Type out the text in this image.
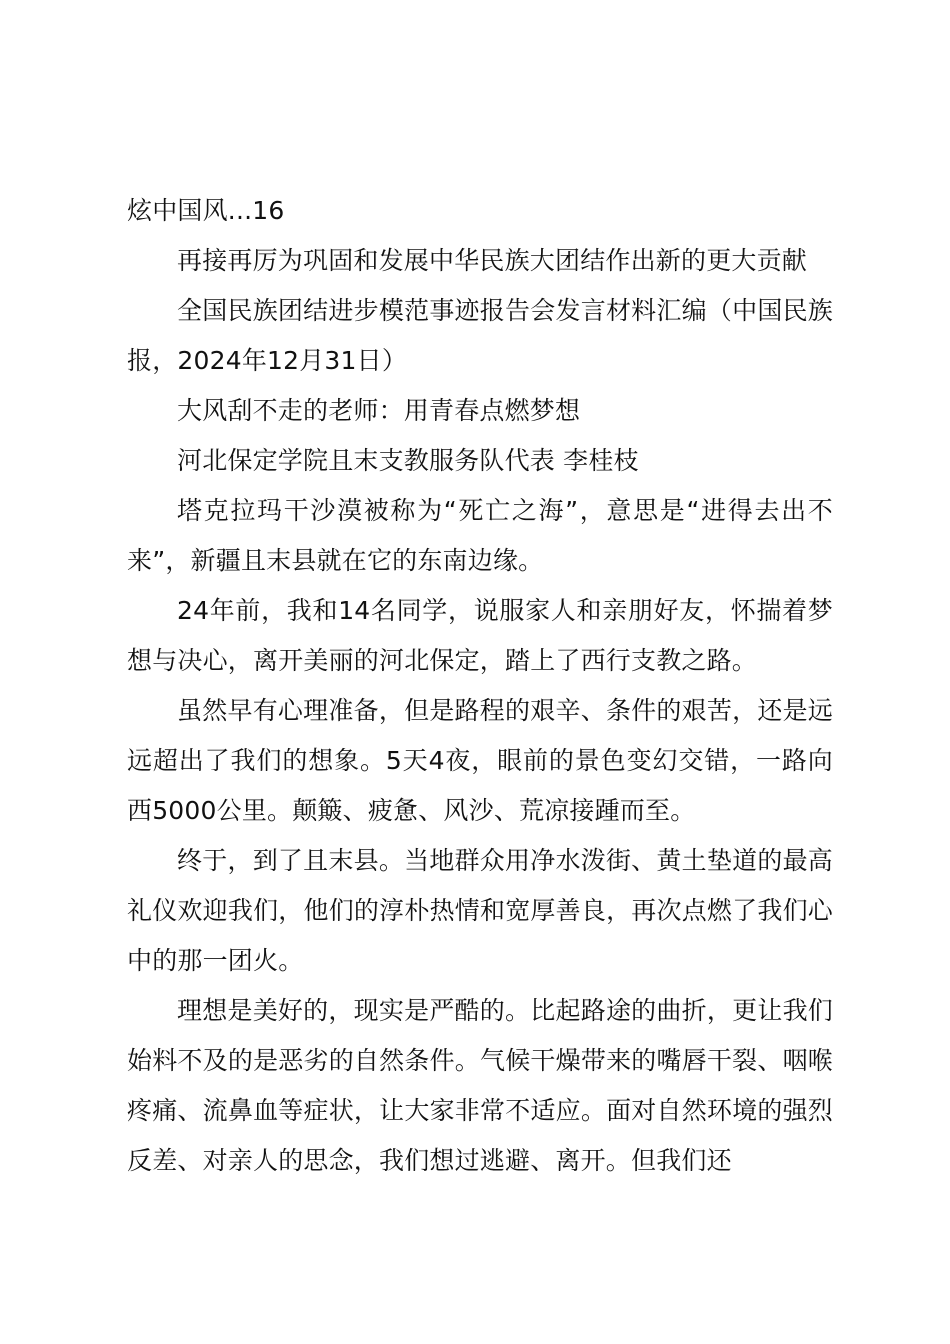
炫中国风...16

再接再厉为巩固和发展中华民族大团结作出新的更大贡献

全国民族团结进步模范事迹报告会发言材料汇编（中国民族报，2024年12月31日）

大风刮不走的老师：用青春点燃梦想

河北保定学院且末支教服务队代表 李桂枝

塔克拉玛干沙漠被称为“死亡之海”，意思是“进得去出不来”，新疆且末县就在它的东南边缘。

24年前，我和14名同学，说服家人和亲朋好友，怀揣着梦想与决心，离开美丽的河北保定，踏上了西行支教之路。

虽然早有心理准备，但是路程的艰辛、条件的艰苦，还是远远超出了我们的想象。5天4夜，眼前的景色变幻交错，一路向西5000公里。颠簸、疲惫、风沙、荒凉接踵而至。

终于，到了且末县。当地群众用净水泼街、黄土垫道的最高礼仪欢迎我们，他们的淳朴热情和宽厚善良，再次点燃了我们心中的那一团火。

理想是美好的，现实是严酷的。比起路途的曲折，更让我们始料不及的是恶劣的自然条件。气候干燥带来的嘴唇干裂、咽喉疼痛、流鼻血等症状，让大家非常不适应。面对自然环境的强烈反差、对亲人的思念，我们想过逃避、离开。但我们还
